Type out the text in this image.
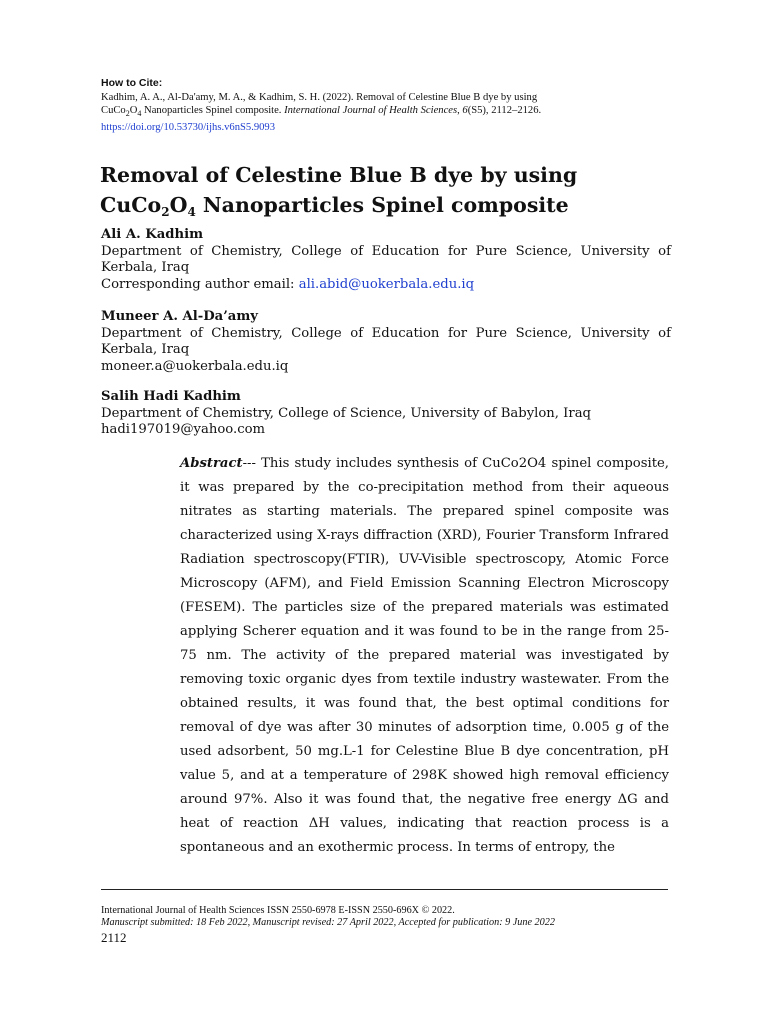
How to Cite:
Kadhim, A. A., Al-Da'amy, M. A., & Kadhim, S. H. (2022). Removal of Celestine Blue B dye by using
$CuCo_2O_4$ Nanoparticles Spinel composite. International Journal of Health Sciences, 6(S5), 2112–2126.
https://doi.org/10.53730/ijhs.v6nS5.9093
Removal of Celestine Blue B dye by using
$CuCo_2O_4$ Nanoparticles Spinel composite
Ali A. Kadhim
Department of Chemistry, College of Education for Pure Science, University of Kerbala, Iraq
Corresponding author email: ali.abid@uokerbala.edu.iq
Muneer A. Al-Da’amy
Department of Chemistry, College of Education for Pure Science, University of Kerbala, Iraq
moneer.a@uokerbala.edu.iq
Salih Hadi Kadhim
Department of Chemistry, College of Science, University of Babylon, Iraq
hadi197019@yahoo.com

Abstract--- This study includes synthesis of CuCo2O4 spinel composite, it was prepared by the co-precipitation method from their aqueous nitrates as starting materials. The prepared spinel composite was characterized using X-rays diffraction (XRD), Fourier Transform Infrared Radiation spectroscopy(FTIR), UV-Visible spectroscopy, Atomic Force Microscopy (AFM), and Field Emission Scanning Electron Microscopy (FESEM). The particles size of the prepared materials was estimated applying Scherer equation and it was found to be in the range from 25-75 nm. The activity of the prepared material was investigated by removing toxic organic dyes from textile industry wastewater. From the obtained results, it was found that, the best optimal conditions for removal of dye was after 30 minutes of adsorption time, 0.005 g of the used adsorbent, 50 mg.L-1 for Celestine Blue B dye concentration, pH value 5, and at a temperature of 298K showed high removal efficiency around 97%. Also it was found that, the negative free energy ΔG and heat of reaction ΔH values, indicating that reaction process is a spontaneous and an exothermic process. In terms of entropy, the

International Journal of Health Sciences ISSN 2550-6978 E-ISSN 2550-696X © 2022.
Manuscript submitted: 18 Feb 2022, Manuscript revised: 27 April 2022, Accepted for publication: 9 June 2022
2112
